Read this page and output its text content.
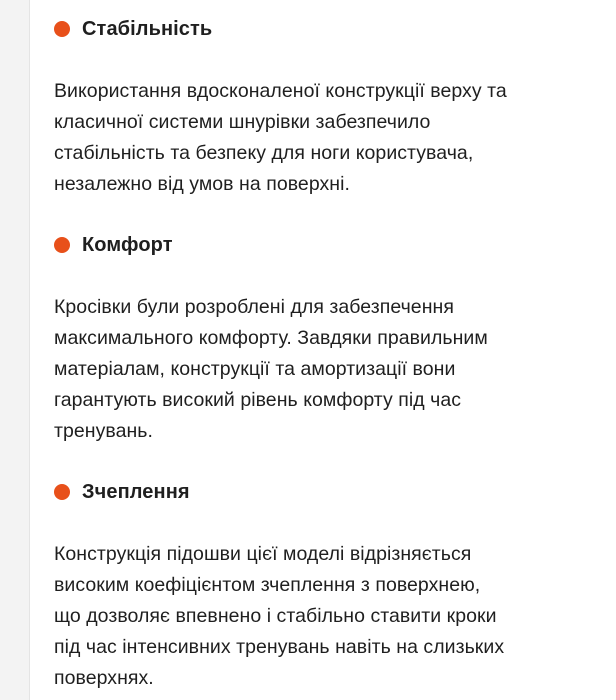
Стабільність
Використання вдосконаленої конструкції верху та
класичної системи шнурівки забезпечило
стабільність та безпеку для ноги користувача,
незалежно від умов на поверхні.
Комфорт
Кросівки були розроблені для забезпечення
максимального комфорту. Завдяки правильним
матеріалам, конструкції та амортизації вони
гарантують високий рівень комфорту під час
тренувань.
Зчеплення
Конструкція підошви цієї моделі відрізняється
високим коефіцієнтом зчеплення з поверхнею,
що дозволяє впевнено і стабільно ставити кроки
під час інтенсивних тренувань навіть на слизьких
поверхнях.
